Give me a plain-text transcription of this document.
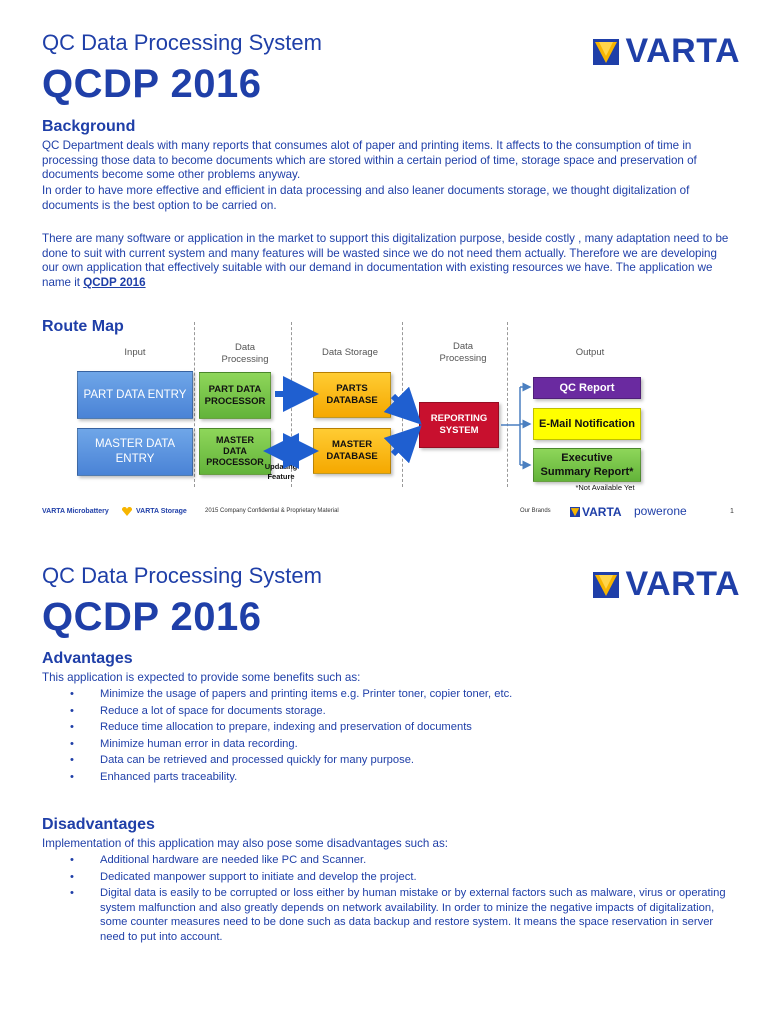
QC Data Processing System
QCDP 2016
VARTA
Background
QC Department deals with many reports that consumes alot of paper and printing items. It affects to the consumption of time in processing those data to become documents which are stored within a certain period of time, storage space and preservation of documents become some other problems anyway.
In order to have more effective and efficient in data processing and also leaner documents storage, we thought digitalization of documents is the best option to be carried on.
There are many software or application in the market to support this digitalization purpose, beside costly , many adaptation need to be done to suit with current system and many features will be wasted since we do not need them actually. Therefore we are developing our own application that effectively suitable with our demand in documentation with existing resources we have. The application we name it QCDP 2016
Route Map
Input	Data
Processing
Data Storage
Data
Processing
Output
PART DATA ENTRY
MASTER DATA
ENTRY
PART DATA
PROCESSOR
MASTER
DATA
PROCESSOR
PARTS
DATABASE
MASTER
DATABASE
REPORTING
SYSTEM
QC Report
E-Mail Notification
Executive
Summary Report*
Updating
Feature
*Not Available Yet
VARTA Microbattery	VARTA Storage	2015 Company Confidential & Proprietary Material	Our Brands	VARTA powerone	1
QC Data Processing System
QCDP 2016
VARTA
Advantages
This application is expected to provide some benefits such as:
• Minimize the usage of papers and printing items e.g. Printer toner, copier toner, etc.
• Reduce a lot of space for documents storage.
• Reduce time allocation to prepare, indexing and preservation of documents
• Minimize human error in data recording.
• Data can be retrieved and processed quickly for many purpose.
• Enhanced parts traceability.
Disadvantages
Implementation of this application may also pose some disadvantages such as:
• Additional hardware are needed like PC and Scanner.
• Dedicated manpower support to initiate and develop the project.
• Digital data is easily to be corrupted or loss either by human mistake or by external factors such as malware, virus or operating system malfunction and also greatly depends on network availability. In order to minize the negative impacts of digitalization, some counter measures need to be done such as data backup and restore system. It means the space reservation in server need to put into account.
